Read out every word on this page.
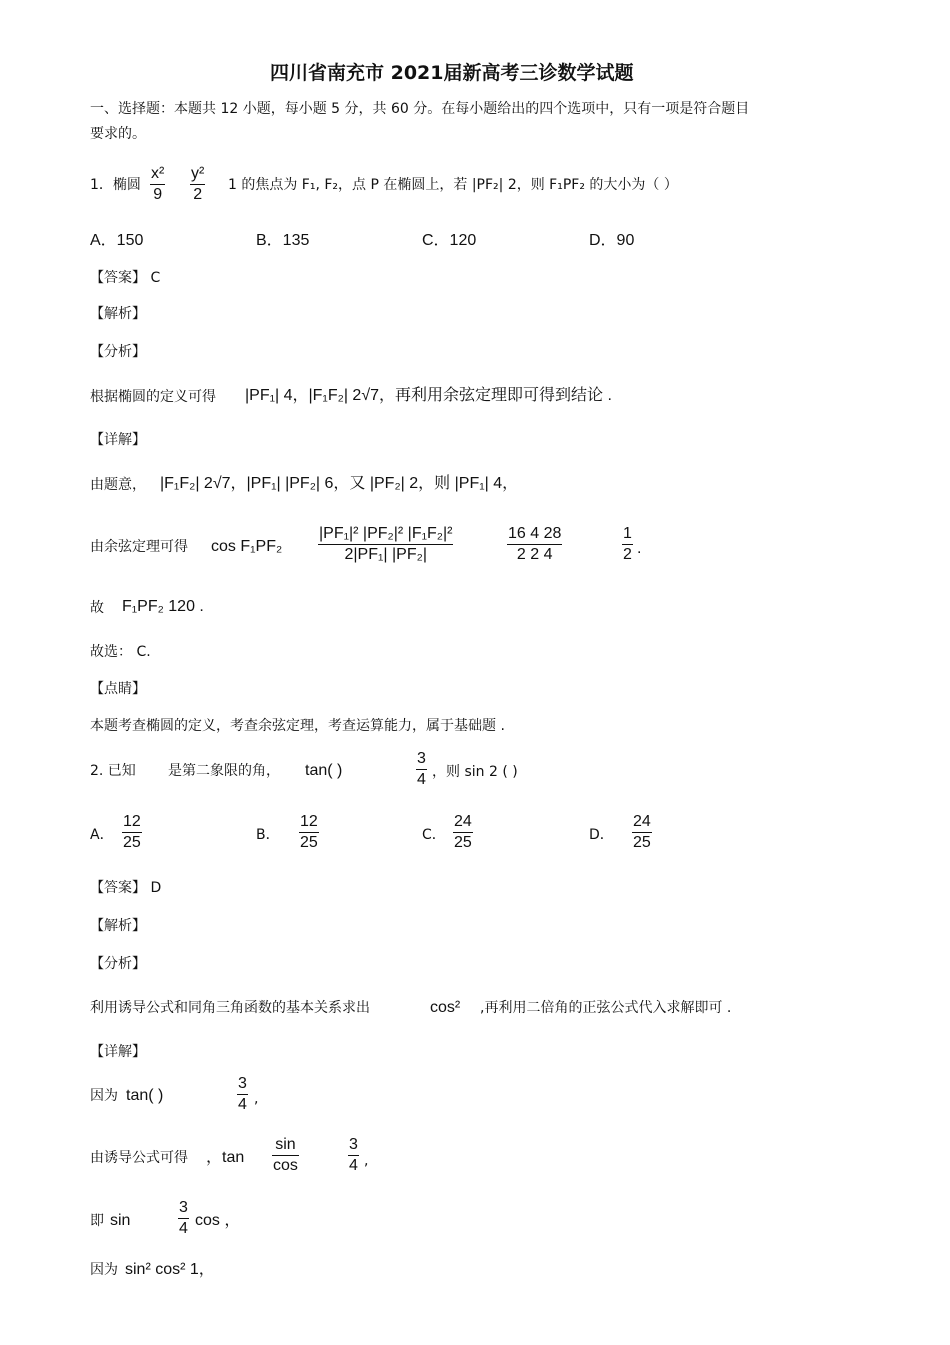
四川省南充市 2021届新高考三诊数学试题
一、选择题：本题共 12 小题，每小题 5 分，共 60 分。在每小题给出的四个选项中，只有一项是符合题目
要求的。
1．椭圆 $\frac{\text{x²}}{9} \frac{\text{y²}}{2} 1$ 的焦点为 F₁, F₂，点 P 在椭圆上，若 |PF₂| 2，则 F₁PF₂ 的大小为（ ）
A．150	B．135	C．120	D．90
【答案】 C
【解析】
【分析】
根据椭圆的定义可得 |PF₁| 4，|F₁F₂| 2√7，再利用余弦定理即可得到结论 .
【详解】
由题意， |F₁F₂| 2√7，|PF₁| |PF₂| 6，又 |PF₂| 2，则 |PF₁| 4，
由余弦定理可得 $\cos F_1PF_2 \frac{\text{|PF₁|² |PF₂|² |F₁F₂|²}}{\text{2|PF₁| |PF₂|}}$	$\frac{16 4 28}{2 2 4}$	$\frac{1}{2}$ .
故 F₁PF₂ 120 .
故选： C.
【点睛】
本题考查椭圆的定义，考查余弦定理，考查运算能力，属于基础题 .
2. 已知 是第二象限的角， tan( )	$\frac{3}{4}$ ，则 sin 2 ( )
A． $\frac{12}{25}$	B． $\frac{12}{25}$	C． $\frac{24}{25}$	D． $\frac{24}{25}$
【答案】 D
【解析】
【分析】
利用诱导公式和同角三角函数的基本关系求出	cos² ,再利用二倍角的正弦公式代入求解即可 .
【详解】
因为 tan( )	$\frac{3}{4}$ ,
由诱导公式可得 ，$\tan \frac{\sin}{\cos}$	$\frac{3}{4}$ ,
即 sin	$\frac{3}{4}$ cos ，
因为 sin² cos² 1，
